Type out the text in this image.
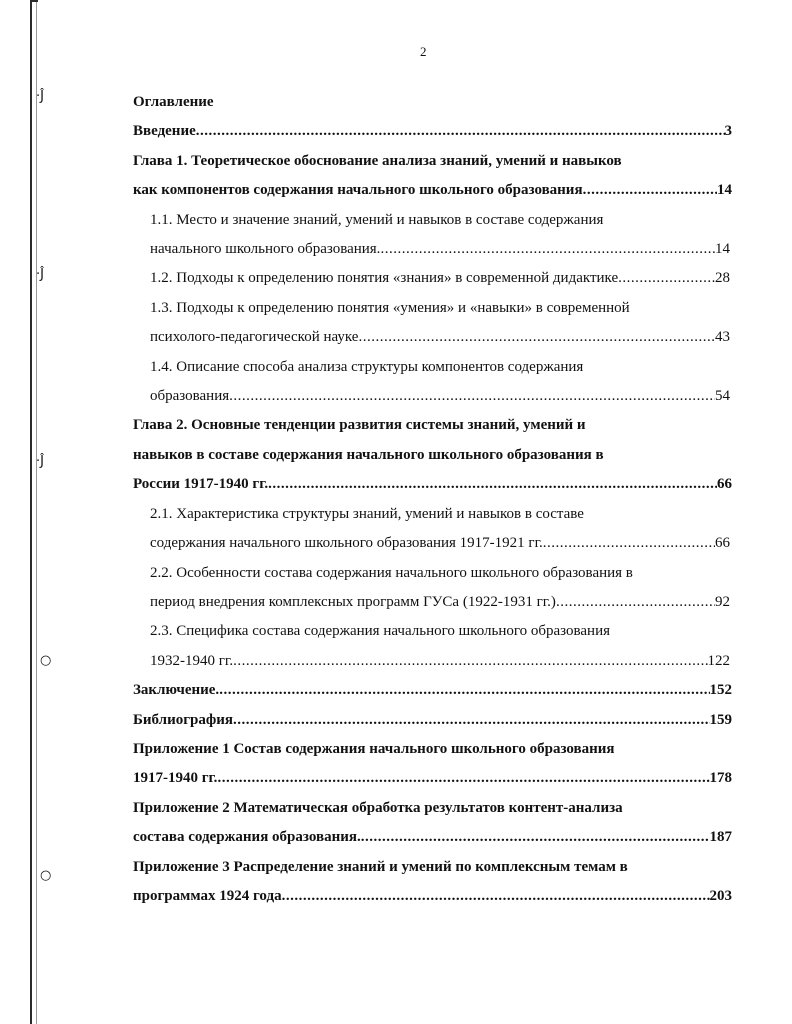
·Ĵ
·Ĵ
·Ĵ
○
○
2
Оглавление
Введение .....	3
Глава 1. Теоретическое обоснование анализа знаний, умений и навыков
как компонентов содержания начального школьного образования .....	14
1.1. Место и значение знаний, умений и навыков в составе содержания
начального школьного образования. .....	14
1.2. Подходы к определению понятия «знания» в современной дидактике .....	28
1.3. Подходы к определению понятия «умения» и «навыки» в современной
психолого-педагогической науке .....	43
1.4. Описание способа анализа структуры компонентов содержания
образования .....	54
Глава 2. Основные тенденции развития системы знаний, умений и
навыков в составе содержания начального школьного образования в
России 1917-1940 гг. .....	66
2.1. Характеристика структуры знаний, умений и навыков в составе
содержания начального школьного образования 1917-1921 гг. .....	66
2.2. Особенности состава содержания начального школьного образования в
период внедрения комплексных программ ГУСа (1922-1931 гг.) .....	92
2.3. Специфика состава содержания начального школьного образования
1932-1940 гг. .....	122
Заключение. .....	152
Библиография .....	159
Приложение 1 Состав содержания начального школьного образования
1917-1940 гг. .....	178
Приложение 2 Математическая обработка результатов контент-анализа
состава содержания образования. .....	187
Приложение 3 Распределение знаний и умений по комплексным темам в
программах 1924 года .....	203
